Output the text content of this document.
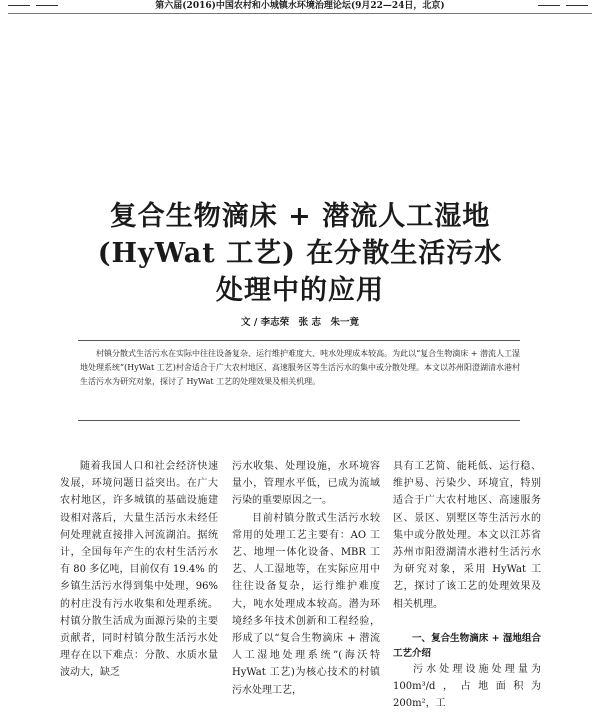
第六届(2016)中国农村和小城镇水环境治理论坛(9月22—24日，北京)
复合生物滴床 + 潜流人工湿地
(HyWat 工艺) 在分散生活污水
处理中的应用
文 / 李志荣　张 志　朱一竟
村镇分散式生活污水在实际中往往设备复杂、运行维护难度大、吨水处理成本较高。为此以“复合生物滴床 + 潜流人工湿地处理系统”(HyWat 工艺)村舍适合于广大农村地区、高速服务区等生活污水的集中或分散处理。本文以苏州阳澄湖清水港村生活污水为研究对象，探讨了 HyWat 工艺的处理效果及相关机理。

随着我国人口和社会经济快速发展，环境问题日益突出。在广大农村地区，许多城镇的基础设施建设相对落后，大量生活污水未经任何处理就直接排入河流湖泊。据统计，全国每年产生的农村生活污水有 80 多亿吨，目前仅有 19.4% 的乡镇生活污水得到集中处理，96% 的村庄没有污水收集和处理系统。村镇分散生活成为面源污染的主要贡献者，同时村镇分散生活污水处理存在以下难点：分散、水质水量波动大，缺乏

污水收集、处理设施，水环境容量小，管理水平低，已成为流域污染的重要原因之一。

目前村镇分散式生活污水较常用的处理工艺主要有：AO 工艺、地埋一体化设备、MBR 工艺、人工湿地等，在实际应用中往往设备复杂，运行维护难度大，吨水处理成本较高。潜为环境经多年技术创新和工程经验，形成了以“复合生物滴床 + 潜流人工湿地处理系统”(海沃特 HyWat 工艺)为核心技术的村镇污水处理工艺，

具有工艺简、能耗低、运行稳、维护易、污染少、环境宜，特别适合于广大农村地区、高速服务区、景区、别墅区等生活污水的集中或分散处理。本文以江苏省苏州市阳澄湖清水港村生活污水为研究对象，采用 HyWat 工艺，探讨了该工艺的处理效果及相关机理。

一、复合生物滴床 + 湿地组合工艺介绍

污水处理设施处理量为 100m³/d，占地面积为 200m²，工
